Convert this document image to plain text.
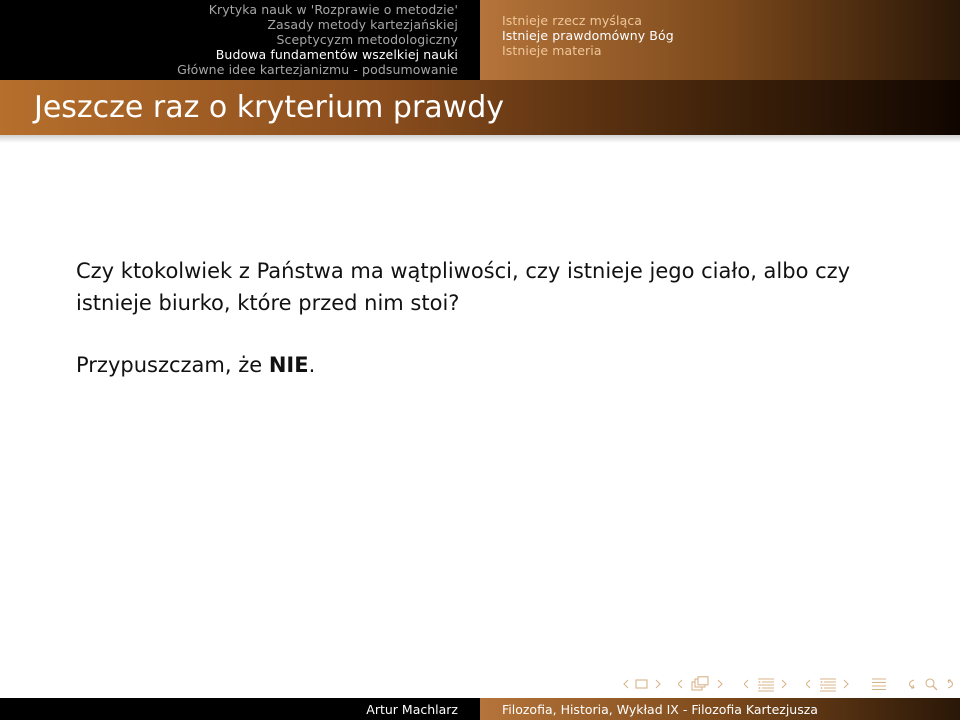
Krytyka nauk w 'Rozprawie o metodzie'
Zasady metody kartezjańskiej
Sceptycyzm metodologiczny
Budowa fundamentów wszelkiej nauki
Główne idee kartezjanizmu - podsumowanie
Istnieje rzecz myśląca
Istnieje prawdomówny Bóg
Istnieje materia
Jeszcze raz o kryterium prawdy

Czy ktokolwiek z Państwa ma wątpliwości, czy istnieje jego ciało, albo czy istnieje biurko, które przed nim stoi?

Przypuszczam, że NIE.

Artur Machlarz	Filozofia, Historia, Wykład IX - Filozofia Kartezjusza
